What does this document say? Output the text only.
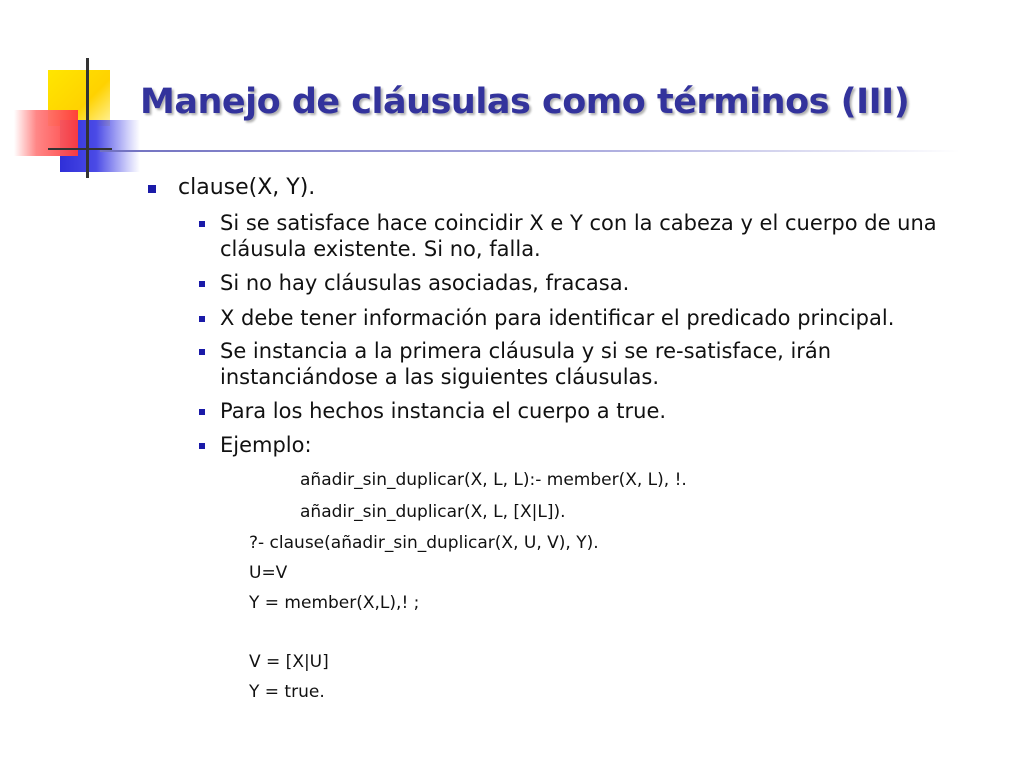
Manejo de cláusulas como términos (III)
clause(X, Y).
Si se satisface hace coincidir X e Y con la cabeza y el cuerpo de una cláusula existente. Si no, falla.
Si no hay cláusulas asociadas, fracasa.
X debe tener información para identificar el predicado principal.
Se instancia a la primera cláusula y si se re-satisface, irán instanciándose a las siguientes cláusulas.
Para los hechos instancia el cuerpo a true.
Ejemplo:
añadir_sin_duplicar(X, L, L):- member(X, L), !.
añadir_sin_duplicar(X, L, [X|L]).
?- clause(añadir_sin_duplicar(X, U, V), Y).
U=V
Y = member(X,L),! ;
V = [X|U]
Y = true.
